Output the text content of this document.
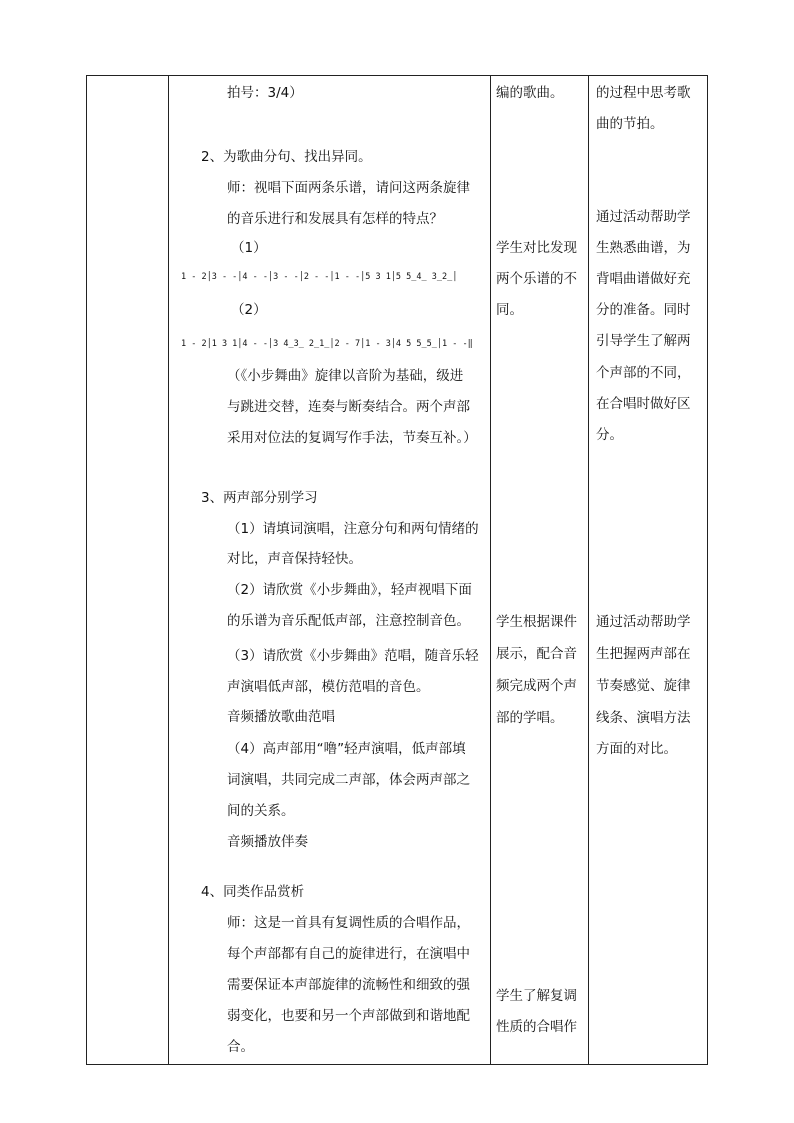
拍号：3/4）
2、为歌曲分句、找出异同。
师：视唱下面两条乐谱，请问这两条旋律
的音乐进行和发展具有怎样的特点？
（1）
1 - 2│3 - -│4 - -│3 - -│2 - -│1 - -│5 3 1│5 5̲4̲ 3̲2̲│
（2）
1 - 2│1 3 1│4 - -│3 4̲3̲ 2̲1̲│2 - 7│1 - 3│4 5 5̲5̲│1 - -‖
（《小步舞曲》旋律以音阶为基础，级进
与跳进交替，连奏与断奏结合。两个声部
采用对位法的复调写作手法，节奏互补。）
3、两声部分别学习
（1）请填词演唱，注意分句和两句情绪的
对比，声音保持轻快。
（2）请欣赏《小步舞曲》，轻声视唱下面
的乐谱为音乐配低声部，注意控制音色。
（3）请欣赏《小步舞曲》范唱，随音乐轻
声演唱低声部，模仿范唱的音色。
音频播放歌曲范唱
（4）高声部用“噜”轻声演唱，低声部填
词演唱，共同完成二声部，体会两声部之
间的关系。
音频播放伴奏
4、同类作品赏析
师：这是一首具有复调性质的合唱作品，
每个声部都有自己的旋律进行，在演唱中
需要保证本声部旋律的流畅性和细致的强
弱变化，也要和另一个声部做到和谐地配
合。
编的歌曲。
学生对比发现
两个乐谱的不
同。
学生根据课件
展示，配合音
频完成两个声
部的学唱。
学生了解复调
性质的合唱作
的过程中思考歌
曲的节拍。
通过活动帮助学
生熟悉曲谱，为
背唱曲谱做好充
分的准备。同时
引导学生了解两
个声部的不同，
在合唱时做好区
分。
通过活动帮助学
生把握两声部在
节奏感觉、旋律
线条、演唱方法
方面的对比。
